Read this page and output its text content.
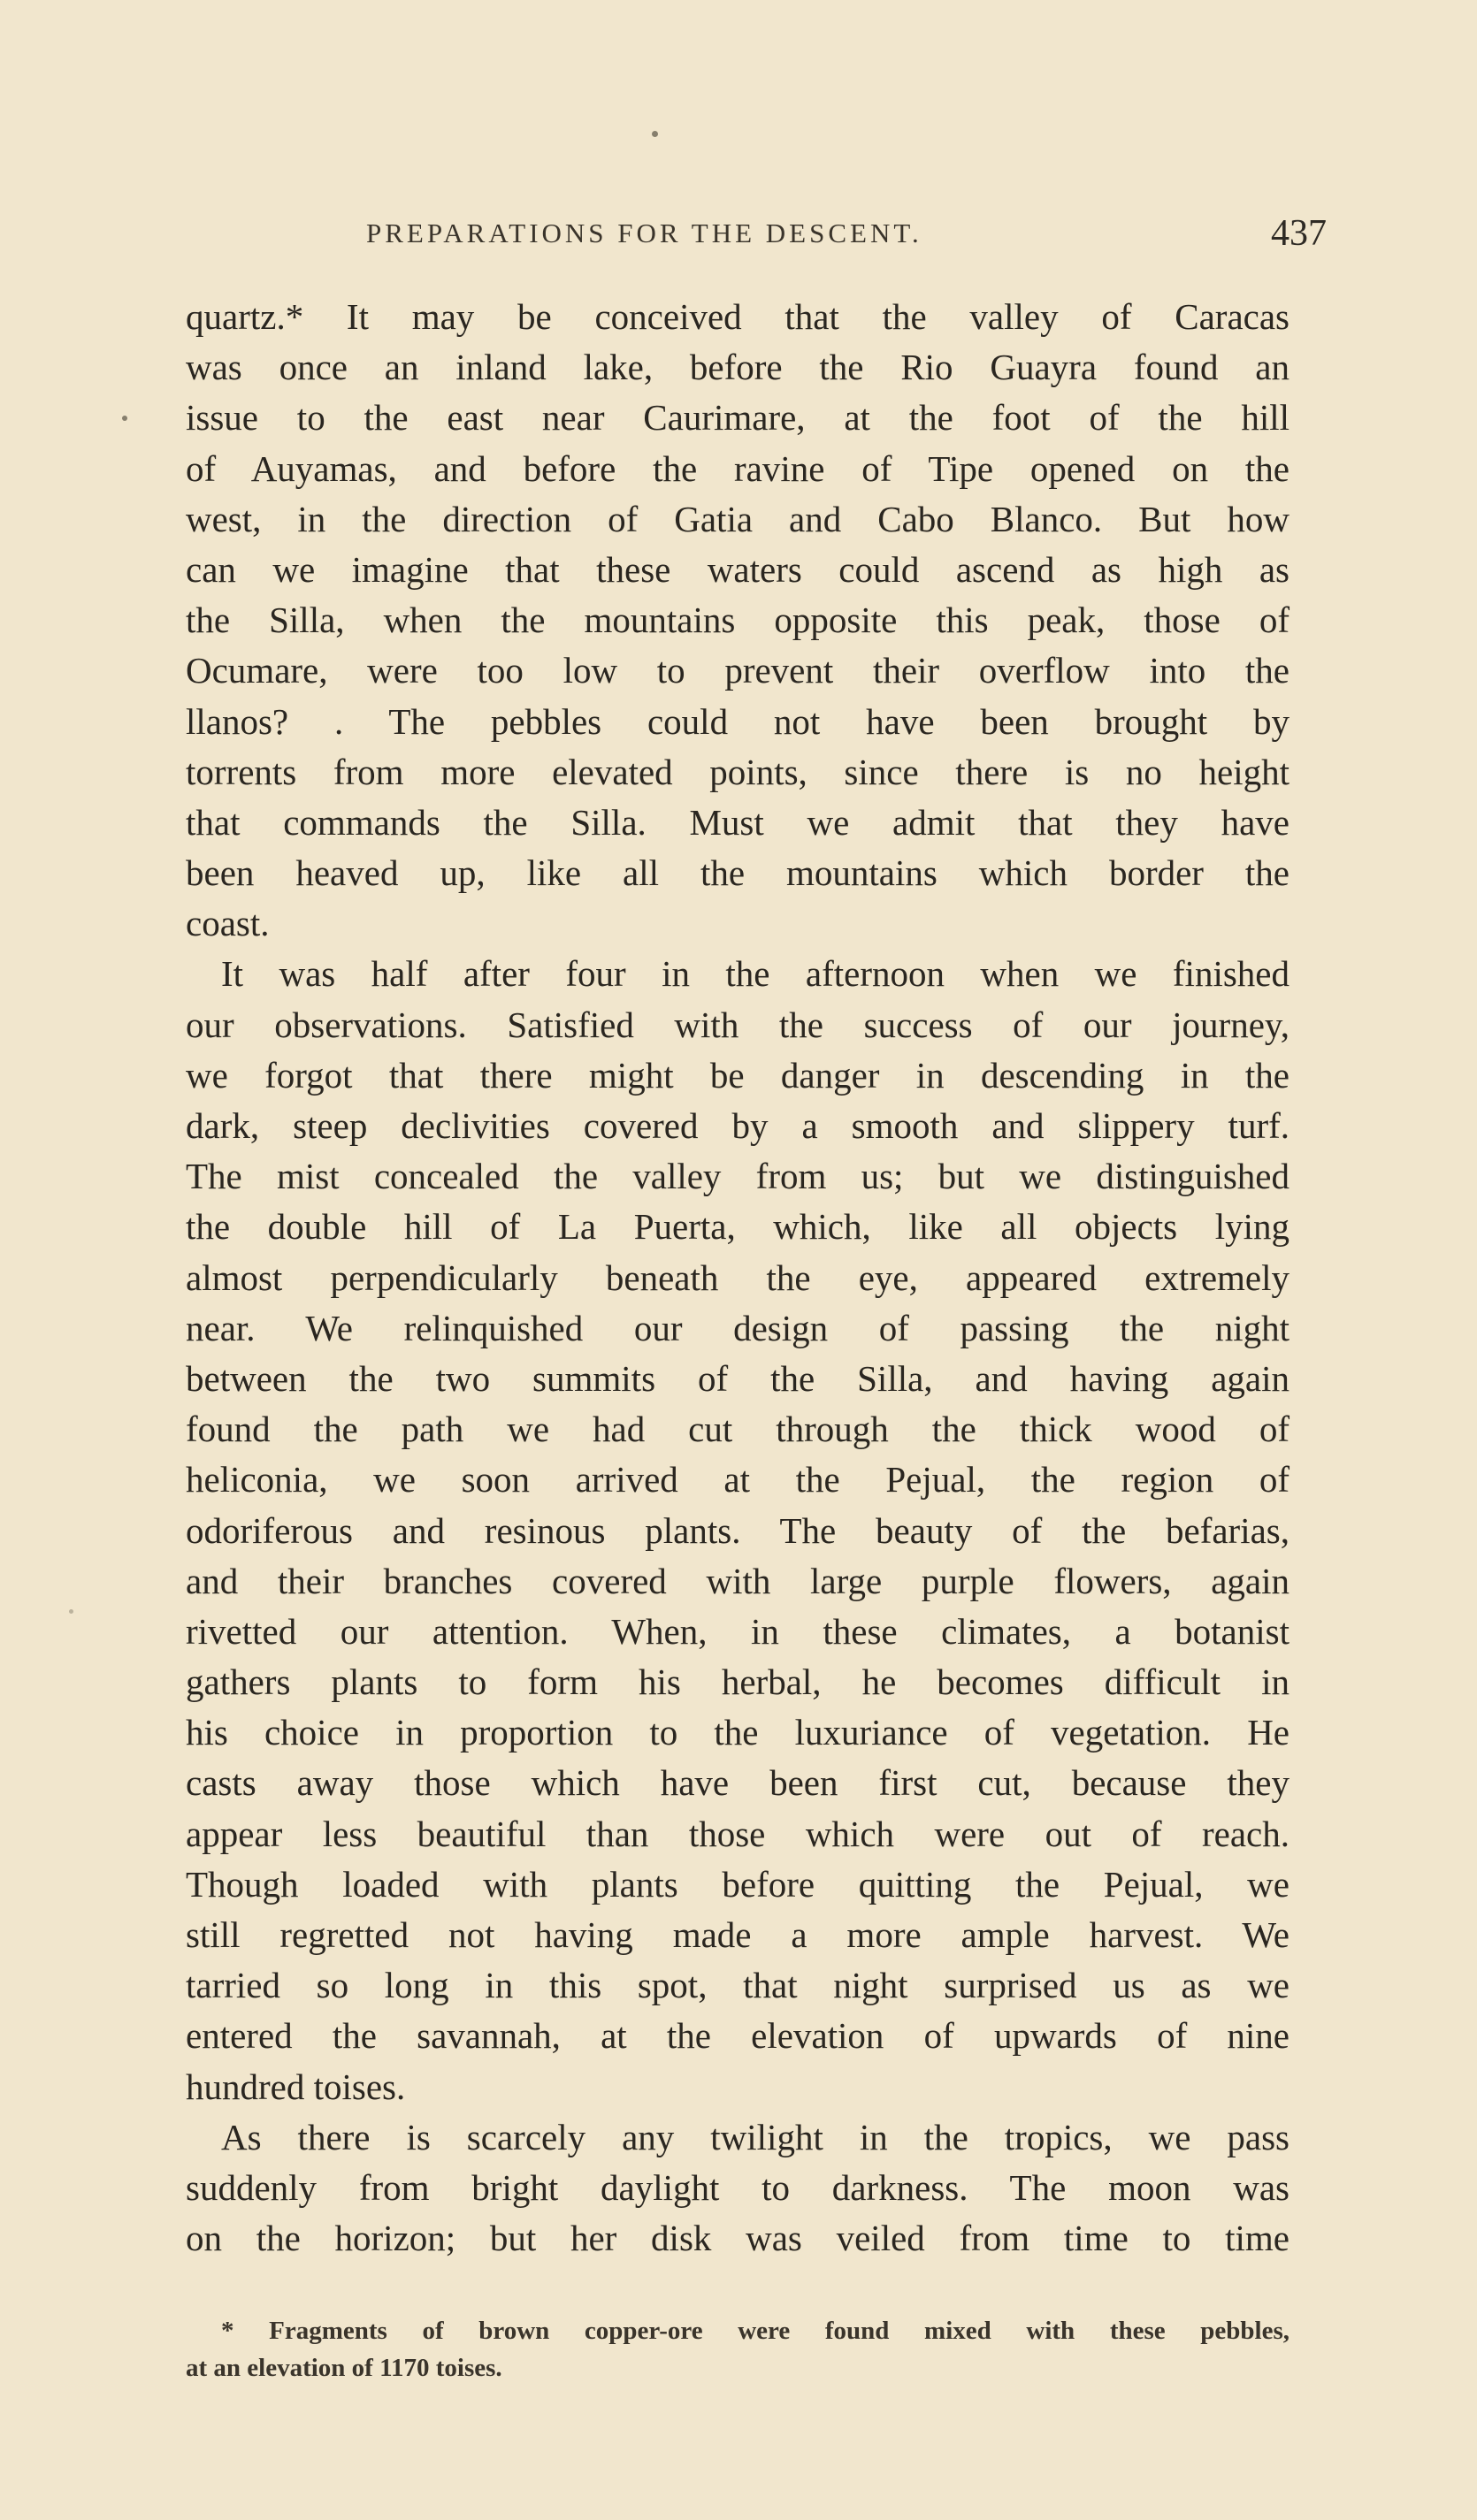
PREPARATIONS FOR THE DESCENT.	437
quartz.* It may be conceived that the valley of Caracas
was once an inland lake, before the Rio Guayra found an
issue to the east near Caurimare, at the foot of the hill
of Auyamas, and before the ravine of Tipe opened on the
west, in the direction of Gatia and Cabo Blanco. But how
can we imagine that these waters could ascend as high as
the Silla, when the mountains opposite this peak, those of
Ocumare, were too low to prevent their overflow into the
llanos? . The pebbles could not have been brought by
torrents from more elevated points, since there is no height
that commands the Silla. Must we admit that they have
been heaved up, like all the mountains which border the
coast.
It was half after four in the afternoon when we finished
our observations. Satisfied with the success of our journey,
we forgot that there might be danger in descending in the
dark, steep declivities covered by a smooth and slippery turf.
The mist concealed the valley from us; but we distinguished
the double hill of La Puerta, which, like all objects lying
almost perpendicularly beneath the eye, appeared extremely
near. We relinquished our design of passing the night
between the two summits of the Silla, and having again
found the path we had cut through the thick wood of
heliconia, we soon arrived at the Pejual, the region of
odoriferous and resinous plants. The beauty of the befarias,
and their branches covered with large purple flowers, again
rivetted our attention. When, in these climates, a botanist
gathers plants to form his herbal, he becomes difficult in
his choice in proportion to the luxuriance of vegetation. He
casts away those which have been first cut, because they
appear less beautiful than those which were out of reach.
Though loaded with plants before quitting the Pejual, we
still regretted not having made a more ample harvest. We
tarried so long in this spot, that night surprised us as we
entered the savannah, at the elevation of upwards of nine
hundred toises.
As there is scarcely any twilight in the tropics, we pass
suddenly from bright daylight to darkness. The moon was
on the horizon; but her disk was veiled from time to time
* Fragments of brown copper-ore were found mixed with these pebbles,
at an elevation of 1170 toises.
